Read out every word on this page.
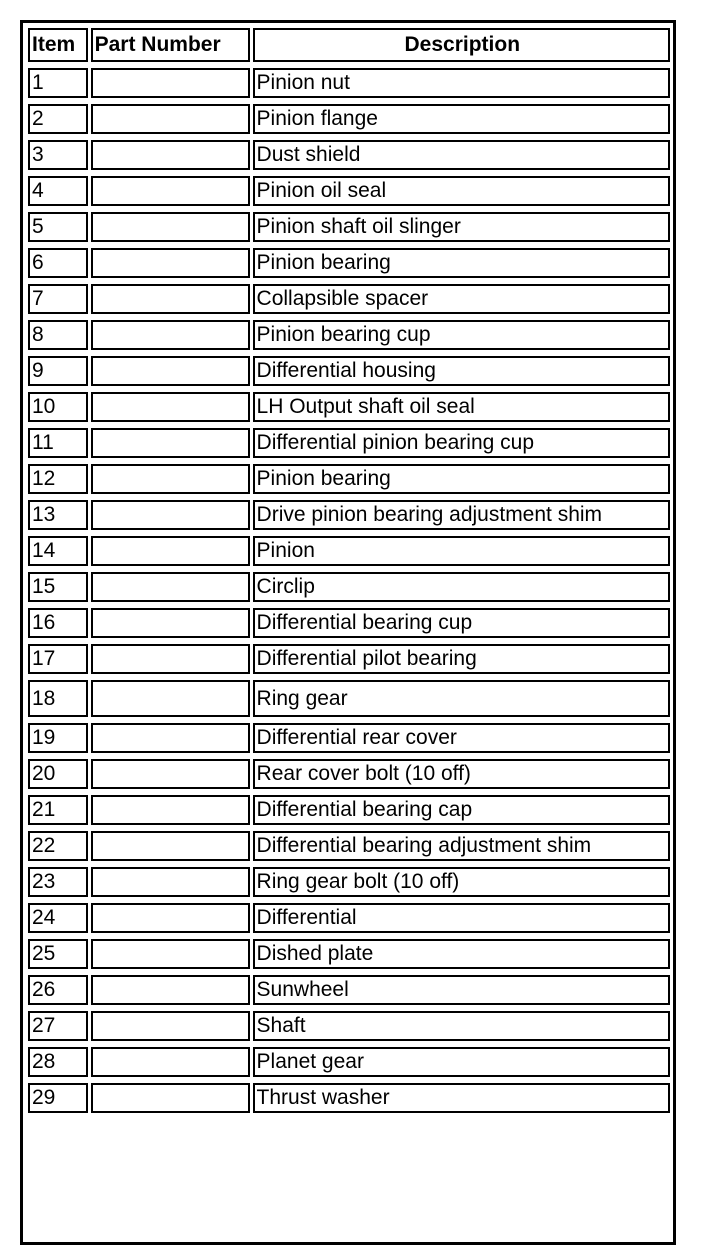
Item	Part Number	Description
1		Pinion nut
2		Pinion flange
3		Dust shield
4		Pinion oil seal
5		Pinion shaft oil slinger
6		Pinion bearing
7		Collapsible spacer
8		Pinion bearing cup
9		Differential housing
10		LH Output shaft oil seal
11		Differential pinion bearing cup
12		Pinion bearing
13		Drive pinion bearing adjustment shim
14		Pinion
15		Circlip
16		Differential bearing cup
17		Differential pilot bearing
18		Ring gear
19		Differential rear cover
20		Rear cover bolt (10 off)
21		Differential bearing cap
22		Differential bearing adjustment shim
23		Ring gear bolt (10 off)
24		Differential
25		Dished plate
26		Sunwheel
27		Shaft
28		Planet gear
29		Thrust washer
